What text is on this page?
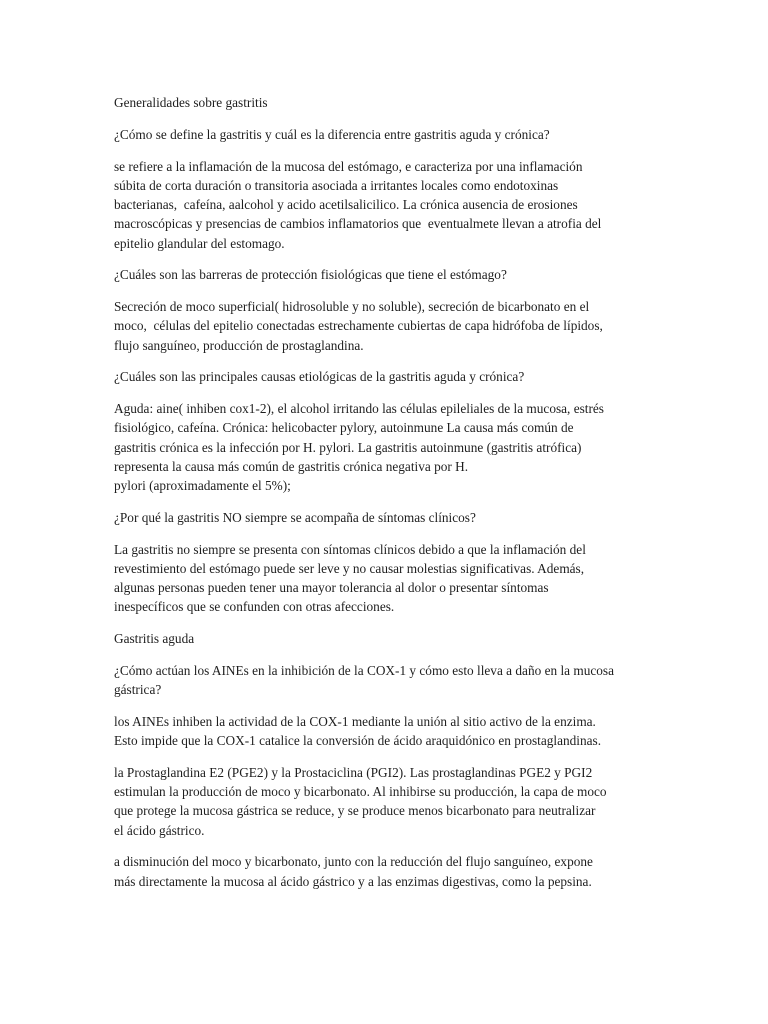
Generalidades sobre gastritis

¿Cómo se define la gastritis y cuál es la diferencia entre gastritis aguda y crónica?

se refiere a la inflamación de la mucosa del estómago, e caracteriza por una inflamación
súbita de corta duración o transitoria asociada a irritantes locales como endotoxinas
bacterianas,  cafeína, aalcohol y acido acetilsalicilico. La crónica ausencia de erosiones
macroscópicas y presencias de cambios inflamatorios que  eventualmete llevan a atrofia del
epitelio glandular del estomago.

¿Cuáles son las barreras de protección fisiológicas que tiene el estómago?

Secreción de moco superficial( hidrosoluble y no soluble), secreción de bicarbonato en el
moco,  células del epitelio conectadas estrechamente cubiertas de capa hidrófoba de lípidos,
flujo sanguíneo, producción de prostaglandina.

¿Cuáles son las principales causas etiológicas de la gastritis aguda y crónica?

Aguda: aine( inhiben cox1-2), el alcohol irritando las células epileliales de la mucosa, estrés
fisiológico, cafeína. Crónica: helicobacter pylory, autoinmune La causa más común de
gastritis crónica es la infección por H. pylori. La gastritis autoinmune (gastritis atrófica)
representa la causa más común de gastritis crónica negativa por H.
pylori (aproximadamente el 5%);

¿Por qué la gastritis NO siempre se acompaña de síntomas clínicos?

La gastritis no siempre se presenta con síntomas clínicos debido a que la inflamación del
revestimiento del estómago puede ser leve y no causar molestias significativas. Además,
algunas personas pueden tener una mayor tolerancia al dolor o presentar síntomas
inespecíficos que se confunden con otras afecciones.

Gastritis aguda

¿Cómo actúan los AINEs en la inhibición de la COX-1 y cómo esto lleva a daño en la mucosa
gástrica?

los AINEs inhiben la actividad de la COX-1 mediante la unión al sitio activo de la enzima.
Esto impide que la COX-1 catalice la conversión de ácido araquidónico en prostaglandinas.

la Prostaglandina E2 (PGE2) y la Prostaciclina (PGI2). Las prostaglandinas PGE2 y PGI2
estimulan la producción de moco y bicarbonato. Al inhibirse su producción, la capa de moco
que protege la mucosa gástrica se reduce, y se produce menos bicarbonato para neutralizar
el ácido gástrico.

a disminución del moco y bicarbonato, junto con la reducción del flujo sanguíneo, expone
más directamente la mucosa al ácido gástrico y a las enzimas digestivas, como la pepsina.
